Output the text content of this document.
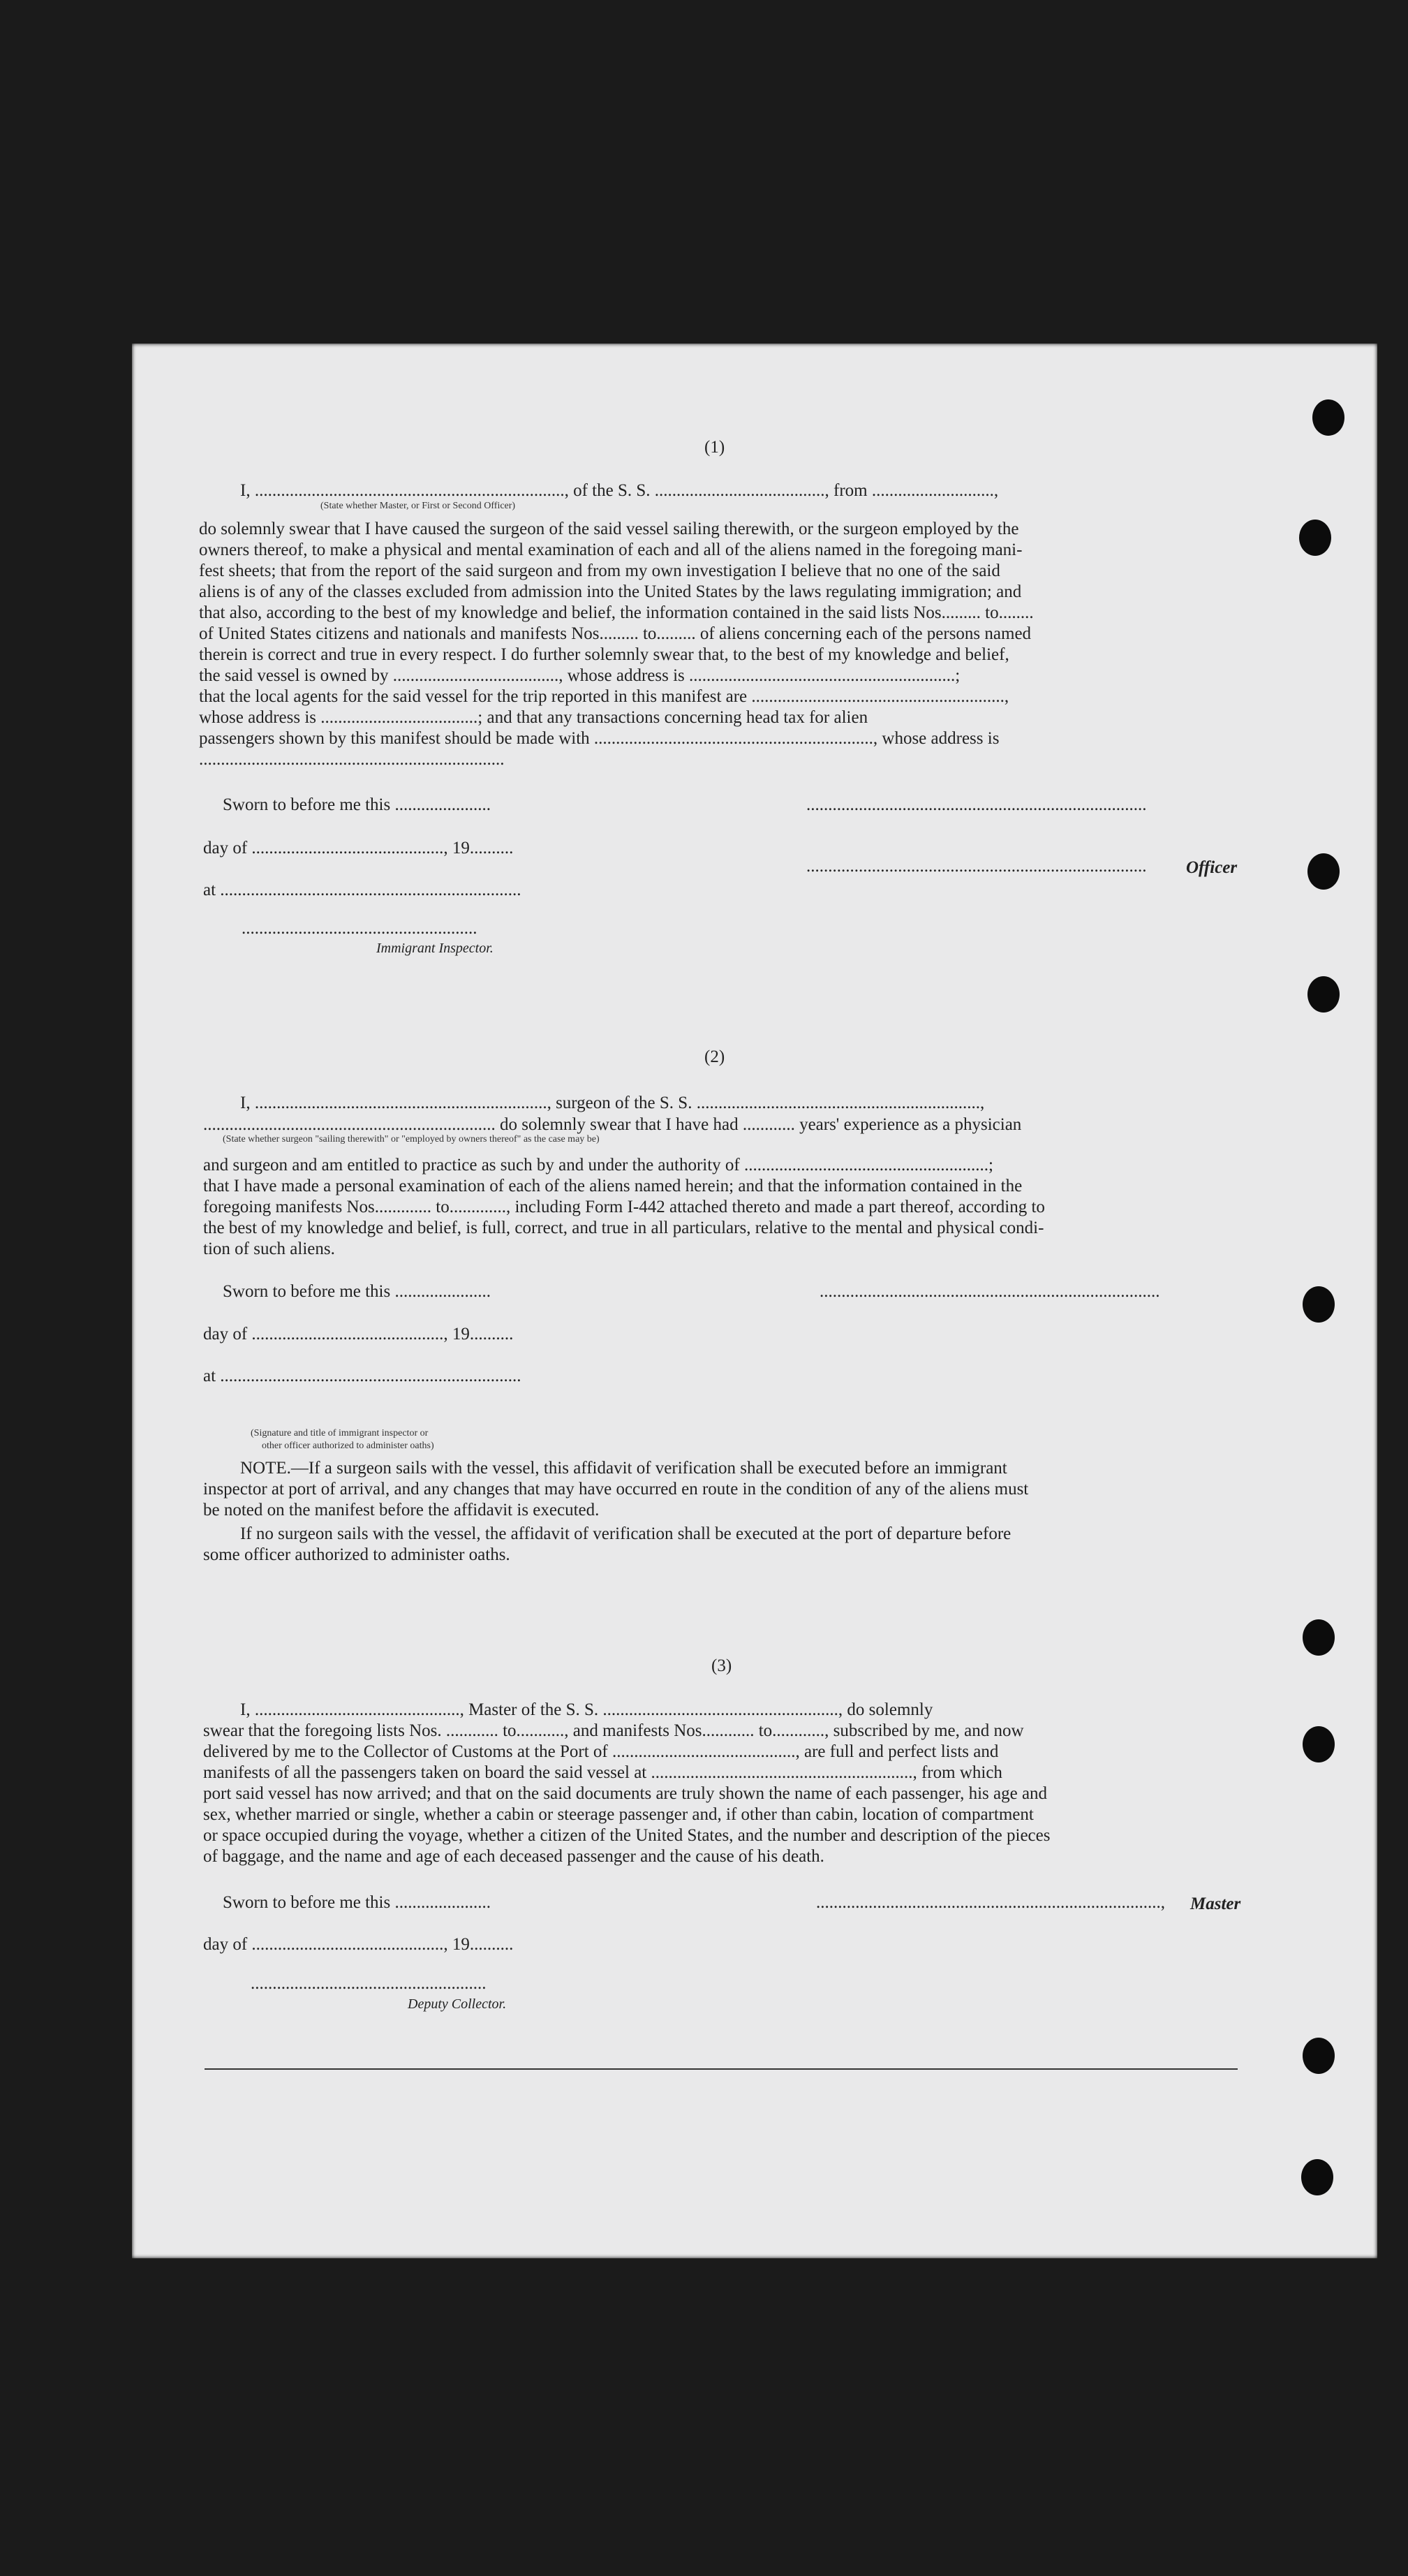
(1)
I, ......................................................................., of the S. S. ......................................., from ............................,
(State whether Master, or First or Second Officer)
do solemnly swear that I have caused the surgeon of the said vessel sailing therewith, or the surgeon employed by the
owners thereof, to make a physical and mental examination of each and all of the aliens named in the foregoing mani-
fest sheets; that from the report of the said surgeon and from my own investigation I believe that no one of the said
aliens is of any of the classes excluded from admission into the United States by the laws regulating immigration; and
that also, according to the best of my knowledge and belief, the information contained in the said lists Nos......... to........
of United States citizens and nationals and manifests Nos......... to......... of aliens concerning each of the persons named
therein is correct and true in every respect. I do further solemnly swear that, to the best of my knowledge and belief,
the said vessel is owned by ......................................, whose address is .............................................................;
that the local agents for the said vessel for the trip reported in this manifest are ..........................................................,
whose address is ....................................; and that any transactions concerning head tax for alien
passengers shown by this manifest should be made with ................................................................, whose address is
......................................................................
Sworn to before me this ......................
day of ............................................, 19..........
at .....................................................................
......................................................
Immigrant Inspector.
..............................................................................
.............................................................................. Officer
(2)
I, ..................................................................., surgeon of the S. S. .................................................................,
................................................................... do solemnly swear that I have had ............ years' experience as a physician
(State whether surgeon "sailing therewith" or "employed by owners thereof" as the case may be)
and surgeon and am entitled to practice as such by and under the authority of ........................................................;
that I have made a personal examination of each of the aliens named herein; and that the information contained in the
foregoing manifests Nos............. to............., including Form I-442 attached thereto and made a part thereof, according to
the best of my knowledge and belief, is full, correct, and true in all particulars, relative to the mental and physical condi-
tion of such aliens.
Sworn to before me this ......................
day of ............................................, 19..........
at .....................................................................
(Signature and title of immigrant inspector or
other officer authorized to administer oaths)
..............................................................................
NOTE.—If a surgeon sails with the vessel, this affidavit of verification shall be executed before an immigrant
inspector at port of arrival, and any changes that may have occurred en route in the condition of any of the aliens must
be noted on the manifest before the affidavit is executed.
If no surgeon sails with the vessel, the affidavit of verification shall be executed at the port of departure before
some officer authorized to administer oaths.
(3)
I, ..............................................., Master of the S. S. ......................................................, do solemnly
swear that the foregoing lists Nos. ............ to..........., and manifests Nos............ to............, subscribed by me, and now
delivered by me to the Collector of Customs at the Port of .........................................., are full and perfect lists and
manifests of all the passengers taken on board the said vessel at ............................................................, from which
port said vessel has now arrived; and that on the said documents are truly shown the name of each passenger, his age and
sex, whether married or single, whether a cabin or steerage passenger and, if other than cabin, location of compartment
or space occupied during the voyage, whether a citizen of the United States, and the number and description of the pieces
of baggage, and the name and age of each deceased passenger and the cause of his death.
Sworn to before me this ......................
day of ............................................, 19..........
......................................................
Deputy Collector.
..............................................................................., Master
